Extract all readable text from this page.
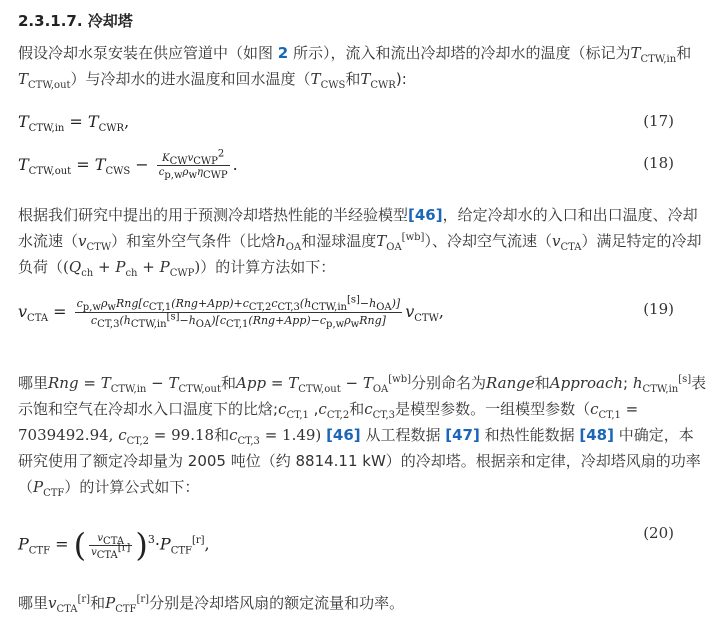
2.3.1.7. 冷却塔
假设冷却水泵安装在供应管道中（如图 2 所示），流入和流出冷却塔的冷却水的温度（标记为$T_{CTW,in}$和$T_{CTW,out}$）与冷却水的进水温度和回水温度（$T_{CWS}$和$T_{CWR}$):
$T_{CTW,in} = T_{CWR}$,	(17)
$T_{CTW,out} = T_{CWS} - \frac{K_{CW}v_{CWP}^2}{c_{p,w}\rho_w\eta_{CWP}}$ .	(18)
根据我们研究中提出的用于预测冷却塔热性能的半经验模型[46]，给定冷却水的入口和出口温度、冷却水流速$(v_{CTW})$和室外空气条件（比焓$h_{OA}$和湿球温度$T_{OA}[wb]$）、冷却空气流速$(v_{CTA})$满足特定的冷却负荷$((Q_{ch} + P_{ch} + P_{CWP}))$的计算方法如下：
$v_{CTA} = \frac{c_{p,w}\rho_wRng[c_{CT,1}(Rng+App)+c_{CT,2}c_{CT,3}(h_{CTW,in}^{[s]}-h_{OA})]}{c_{CT,3}(h_{CTW,in}^{[s]}-h_{OA})[c_{CT,1}(Rng+App)-c_{p,w}\rho_wRng]} v_{CTW}$,	(19)
哪里Rng = $T_{CTW,in} - T_{CTW,out}$和App = $T_{CTW,out} - T_{OA}[wb]$分别命名为Range和Approach; $h_{CTW,in}[s]$表示饱和空气在冷却水入口温度下的比焓$;c_{CT,1}$ $,c_{CT,2}$和$c_{CT,3}$是模型参数。一组模型参数（$c_{CT,1} = 7039492.94$, $c_{CT,2} = 99.18$和$c_{CT,3} = 1.49$) [46] 从工程数据 [47] 和热性能数据 [48] 中确定，本研究使用了额定冷却量为 2005 吨位（约 8814.11 kW）的冷却塔。根据亲和定律，冷却塔风扇的功率$(P_{CTF})$的计算公式如下：
$P_{CTF}$ = ( $\frac{v_{CTA}}{v_{CTA}^{[r]}} )^3\cdot P_{CTF}[r]$,
(20)
哪里$v_{CTA}[r]$和$P_{CTF}[r]$分别是冷却塔风扇的额定流量和功率。
